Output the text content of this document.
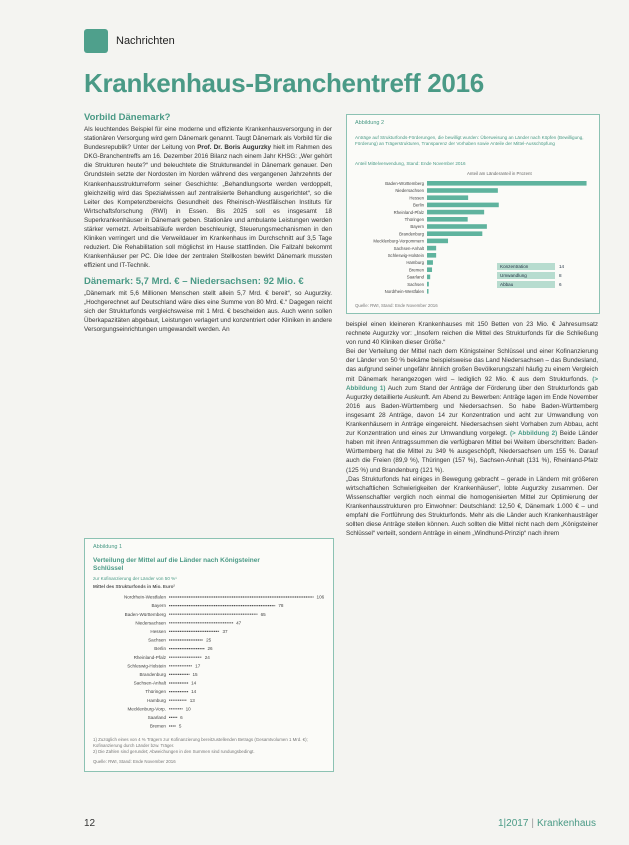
Nachrichten
Krankenhaus-Branchentreff 2016
Vorbild Dänemark?

Als leuchtendes Beispiel für eine moderne und effiziente Krankenhausversorgung in der stationären Versorgung wird gern Dänemark genannt. Taugt Dänemark als Vorbild für die Bundesrepublik? Unter der Leitung von Prof. Dr. Boris Augurzky hielt im Rahmen des DKG-Branchentreffs am 16. Dezember 2016 Bilanz nach einem Jahr KHSG: „Wer gehört die Strukturen heute?“ und beleuchtete die Strukturwandel in Dänemark genauer. Den Grundstein setzte der Nordosten im Norden während des vergangenen Jahrzehnts der Krankenhausstrukturreform seiner Geschichte: „Behandlungsorte werden verdoppelt, gleichzeitig wird das Spezialwissen auf zentralisierte Behandlung ausgerichtet“, so die Leiter des Kompetenzbereichs Gesundheit des Rheinisch-Westfälischen Instituts für Wirtschaftsforschung (RWI) in Essen. Bis 2025 soll es insgesamt 18 Superkrankenhäuser in Dänemark geben. Stationäre und ambulante Leistungen werden stärker vernetzt. Arbeitsabläufe werden beschleunigt, Steuerungsmechanismen in den Kliniken verringert und die Verweildauer im Krankenhaus im Durchschnitt auf 3,5 Tage reduziert. Die Rehabilitation soll möglichst im Hause stattfinden. Die Fallzahl bekommt Krankenhäuser per PC. Die Idee der zentralen Stellkosten bewirkt Dänemark mussten effizient und IT-Technik.

Dänemark: 5,7 Mrd. € – Niedersachsen: 92 Mio. €

„Dänemark mit 5,6 Millionen Menschen stellt allein 5,7 Mrd. € bereit“, so Augurzky. „Hochgerechnet auf Deutschland wäre dies eine Summe von 80 Mrd. €.“ Dagegen reicht sich der Strukturfonds vergleichsweise mit 1 Mrd. € bescheiden aus. Auch wenn sollen Überkapazitäten abgebaut, Leistungen verlagert und konzentriert oder Kliniken in andere Versorgungseinrichtungen umgewandelt werden. An

Abbildung 2
Anträge auf Strukturfonds-Förderungen, die bewilligt wurden: Überweisung an Länder nach Köpfen (Bewilligung, Förderung) an Trägerstrukturen, Transparenz der Vorhaben sowie Anteile der Mittel-Ausschöpfung
Anteil Mittelverwendung, Stand: Ende November 2016
Anteil am Länderanteil in Prozent
Baden-Württemberg
Niedersachsen
Hessen
Berlin
Rheinland-Pfalz
Thüringen
Bayern
Brandenburg
Mecklenburg-Vorpommern
Sachsen-Anhalt
Schleswig-Holstein
Hamburg
Bremen
Saarland
Sachsen
Nordrhein-Westfalen
Konzentration	14
Umwandlung	8
Abbau	6
Quelle: RWI, Stand: Ende November 2016

beispiel einen kleineren Krankenhauses mit 150 Betten von 23 Mio. € Jahresumsatz rechnete Augurzky vor: „Insofern reichen die Mittel des Strukturfonds für die Schließung von rund 40 Kliniken dieser Größe.“

Bei der Verteilung der Mittel nach dem Königsteiner Schlüssel und einer Kofinanzierung der Länder von 50 % bekäme beispielsweise das Land Niedersachsen – das Bundesland, das aufgrund seiner ungefähr ähnlich großen Bevölkerungszahl häufig zu einem Vergleich mit Dänemark herangezogen wird – lediglich 92 Mio. € aus dem Strukturfonds. (> Abbildung 1) Auch zum Stand der Anträge der Förderung über den Strukturfonds gab Augurzky detaillierte Auskunft. Am Abend zu Bewerben: Anträge lagen im Ende November 2016 aus Baden-Württemberg und Niedersachsen. So habe Baden-Württemberg insgesamt 28 Anträge, davon 14 zur Konzentration und acht zur Umwandlung von Krankenhäusern in Anträge eingereicht. Niedersachsen sieht Vorhaben zum Abbau, acht zur Konzentration und eines zur Umwandlung vorgelegt. (> Abbildung 2) Beide Länder haben mit ihren Antragssummen die verfügbaren Mittel bei Weitem überschritten: Baden-Württemberg hat die Mittel zu 349 % ausgeschöpft, Niedersachsen um 155 %. Darauf auch die Freien (89,9 %), Thüringen (157 %), Sachsen-Anhalt (131 %), Rheinland-Pfalz (125 %) und Brandenburg (121 %).

„Das Strukturfonds hat einiges in Bewegung gebracht – gerade in Ländern mit größeren wirtschaftlichen Schwierigkeiten der Krankenhäuser“, lobte Augurzky zusammen. Der Wissenschaftler verglich noch einmal die homogenisierten Mittel zur Optimierung der Krankenhausstrukturen pro Einwohner: Deutschland: 12,50 €, Dänemark 1.000 € – und empfahl die Fortführung des Strukturfonds. Mehr als die Länder auch Krankenhausträger sollten diese Anträge stellen können. Auch sollten die Mittel nicht nach dem „Königsteiner Schlüssel“ verteilt, sondern Anträge in einem „Windhund-Prinzip“ nach ihrem

Abbildung 1
Verteilung der Mittel auf die Länder nach Königsteiner Schlüssel
zur Kofinanzierung der Länder von 50 %¹
Mittel des Strukturfonds in Mio. Euro²
Nordrhein-Westfalen	106
Bayern	78
Baden-Württemberg	65
Niedersachsen	47
Hessen	37
Sachsen	25
Berlin	26
Rheinland-Pfalz	24
Schleswig-Holstein	17
Brandenburg	15
Sachsen-Anhalt	14
Thüringen	14
Hamburg	13
Mecklenburg-Vorp.	10
Saarland	6
Bremen	5
1) Zuzüglich eines von 4 % Trägern zur Kofinanzierung bereitzustellenden Betrags (Gesamtvolumen 1 Mrd. €); Kofinanzierung durch Länder bzw. Träger.
2) Die Zahlen sind gerundet; Abweichungen in den Summen sind rundungsbedingt.
Quelle: RWI, Stand: Ende November 2016
12	1|2017 | Krankenhaus
